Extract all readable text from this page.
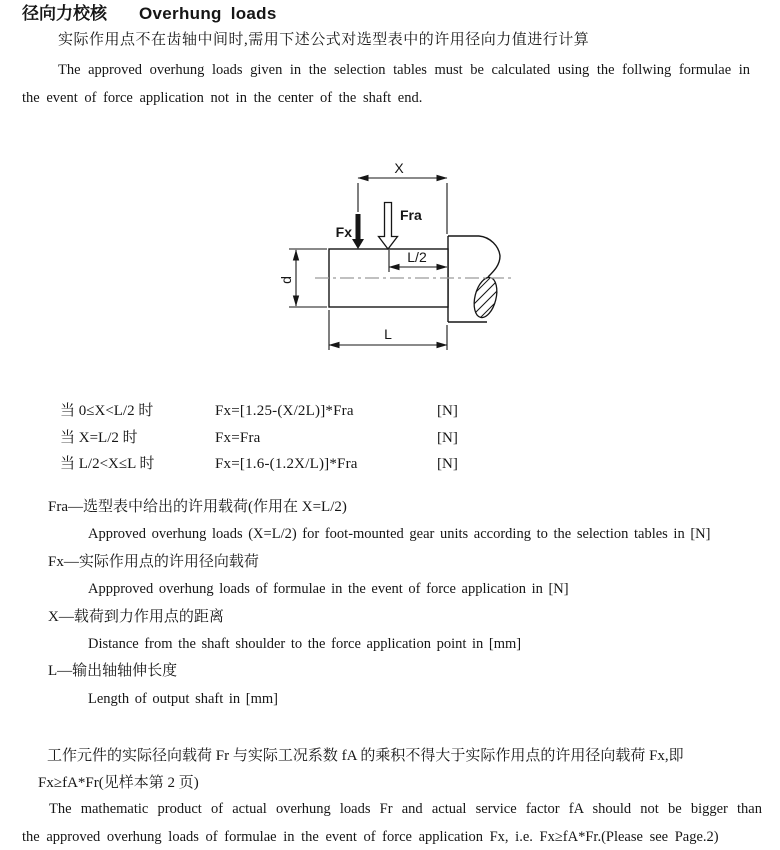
径向力校核 Overhung loads
实际作用点不在齿轴中间时,需用下述公式对选型表中的许用径向力值进行计算
The approved overhung loads given in the selection tables must be calculated using the follwing formulae in
the event of force application not in the center of the shaft end.
X
Fx
Fra
L/2
d
L
当 0≤X<L/2 时	Fx=[1.25-(X/2L)]*Fra	[N]
当 X=L/2 时	Fx=Fra	[N]
当 L/2<X≤L 时	Fx=[1.6-(1.2X/L)]*Fra	[N]
Fra—选型表中给出的许用载荷(作用在 X=L/2)
Approved overhung loads (X=L/2) for foot-mounted gear units according to the selection tables in [N]
Fx—实际作用点的许用径向载荷
Appproved overhung loads of formulae in the event of force application in [N]
X—载荷到力作用点的距离
Distance from the shaft shoulder to the force application point in [mm]
L—输出轴轴伸长度
Length of output shaft in [mm]
工作元件的实际径向载荷 Fr 与实际工况系数 fA 的乘积不得大于实际作用点的许用径向载荷 Fx,即
Fx≥fA*Fr(见样本第 2 页)
The mathematic product of actual overhung loads Fr and actual service factor fA should not be bigger than
the approved overhung loads of formulae in the event of force application Fx, i.e. Fx≥fA*Fr.(Please see Page.2)
